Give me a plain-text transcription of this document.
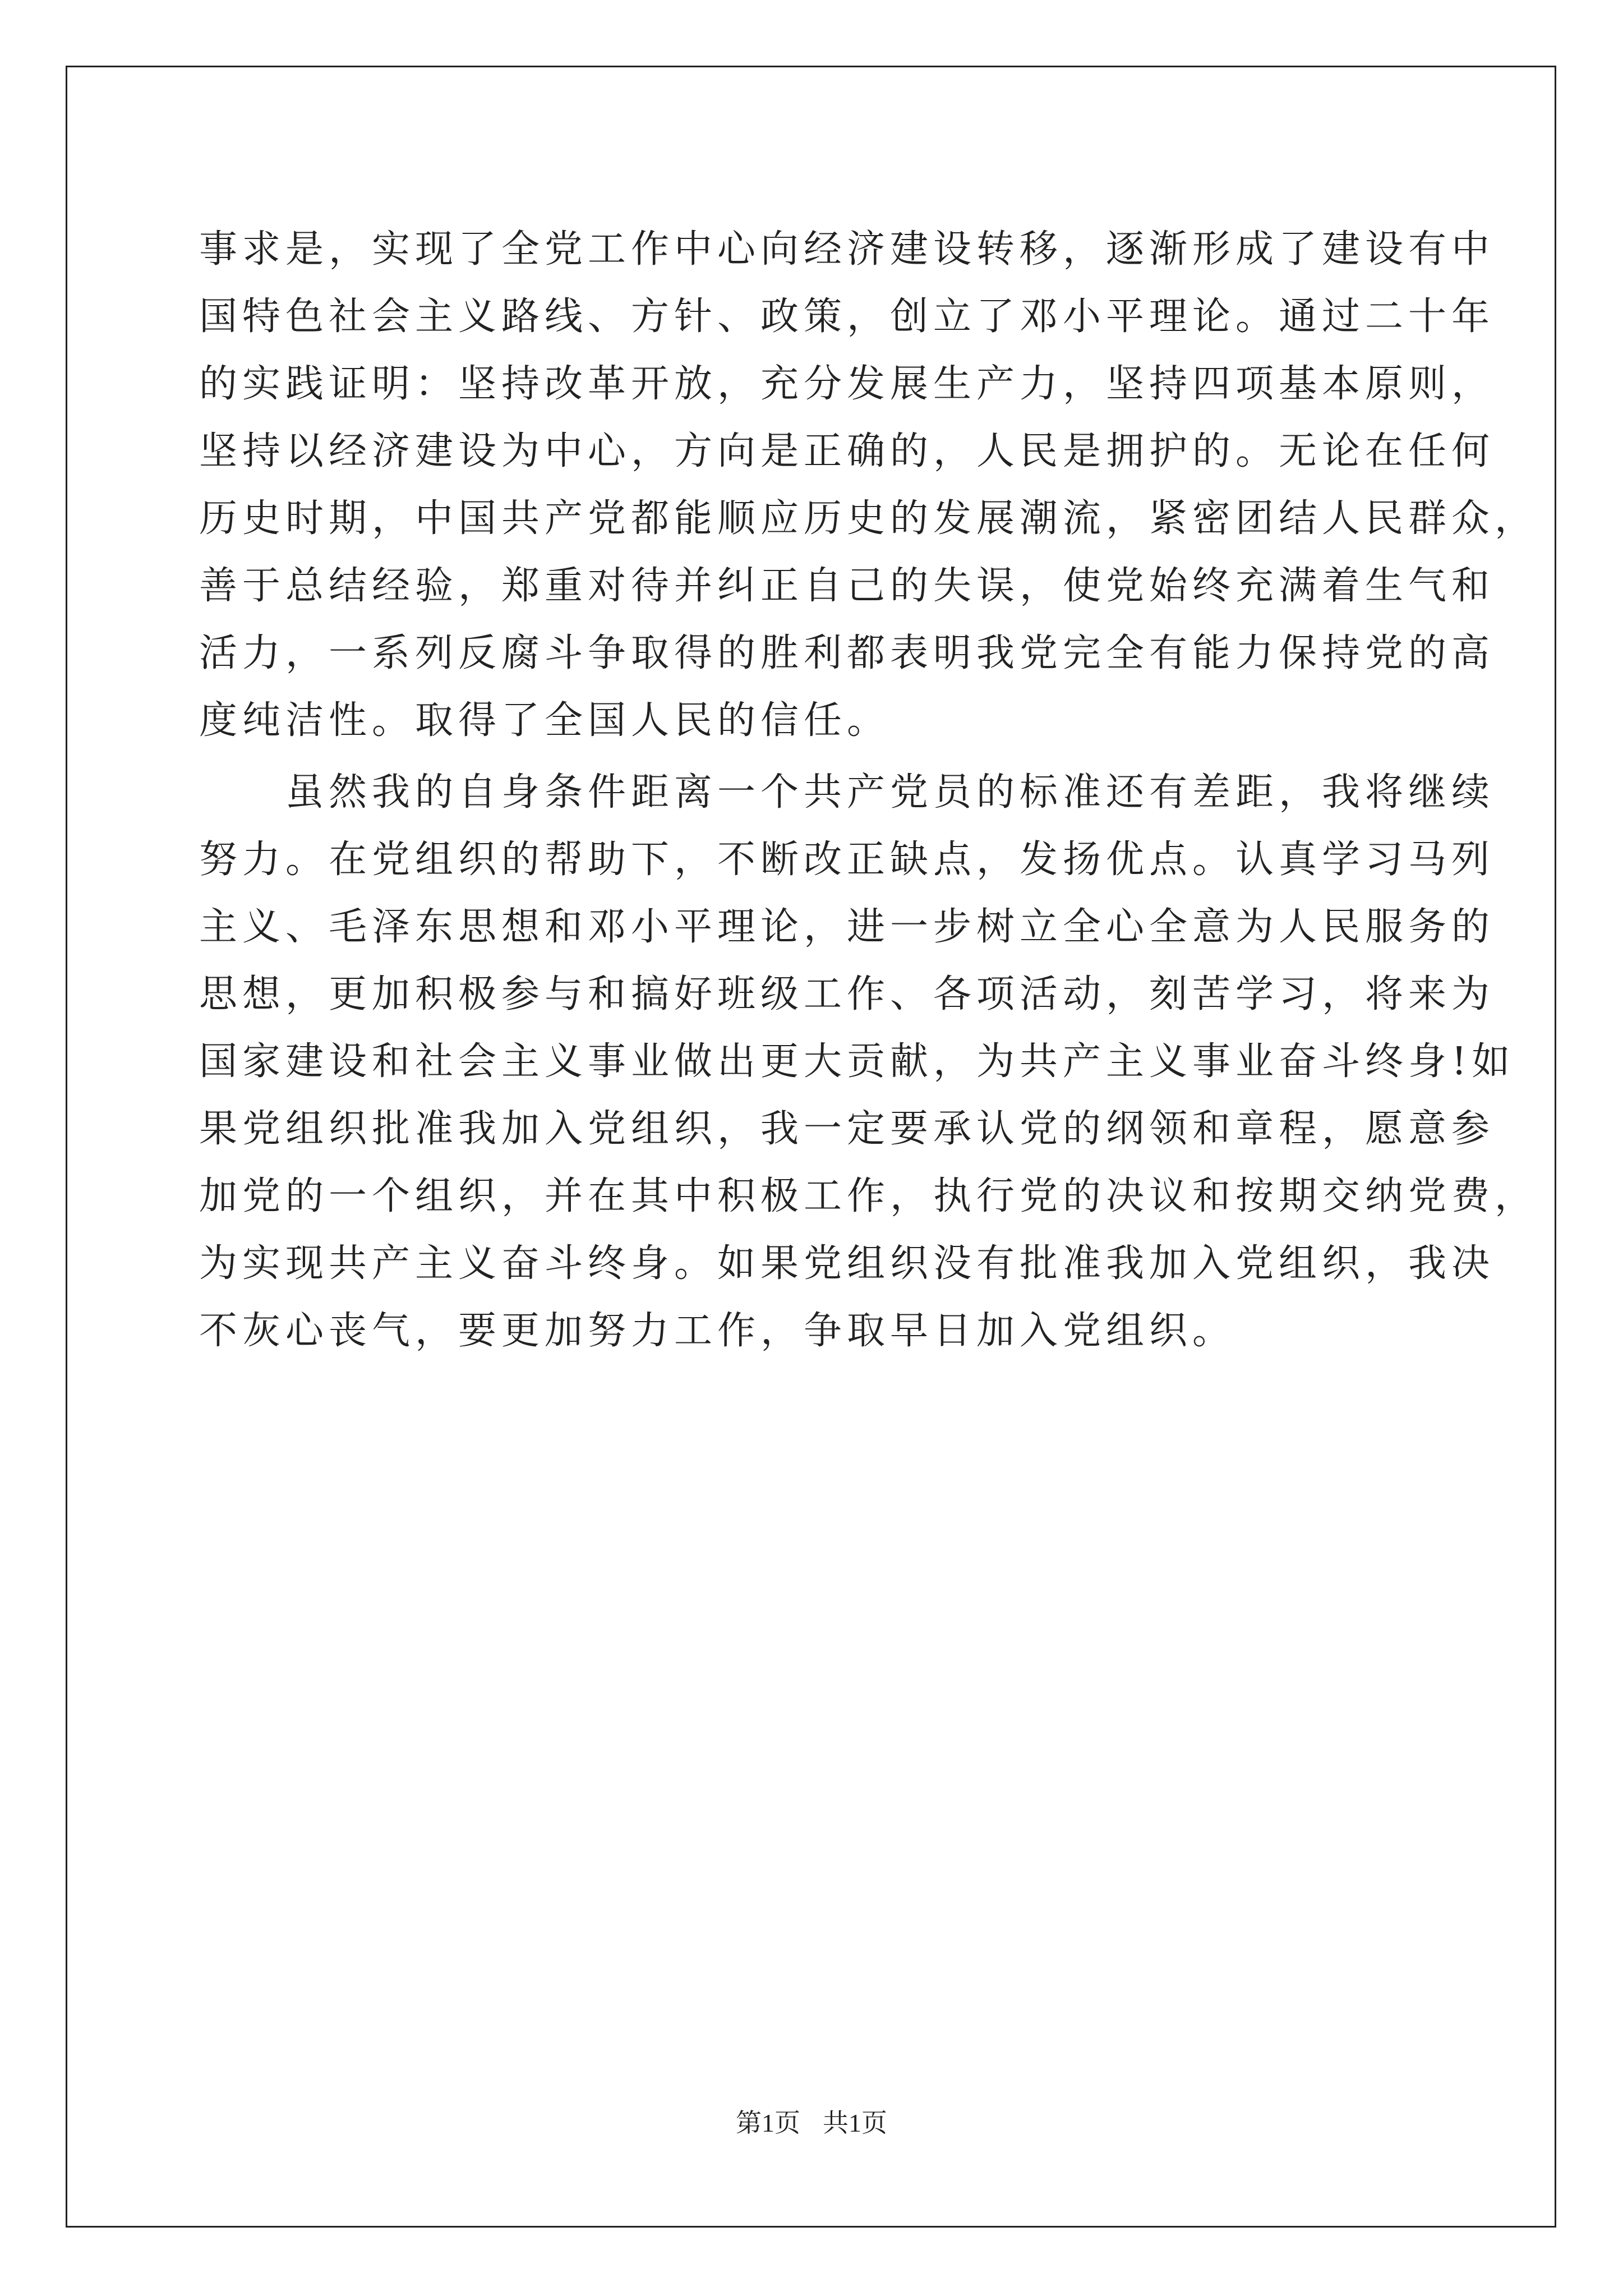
事求是，实现了全党工作中心向经济建设转移，逐渐形成了建设有中
国特色社会主义路线、方针、政策，创立了邓小平理论。通过二十年
的实践证明：坚持改革开放，充分发展生产力，坚持四项基本原则，
坚持以经济建设为中心，方向是正确的，人民是拥护的。无论在任何
历史时期，中国共产党都能顺应历史的发展潮流，紧密团结人民群众，
善于总结经验，郑重对待并纠正自己的失误，使党始终充满着生气和
活力，一系列反腐斗争取得的胜利都表明我党完全有能力保持党的高
度纯洁性。取得了全国人民的信任。
　　虽然我的自身条件距离一个共产党员的标准还有差距，我将继续
努力。在党组织的帮助下，不断改正缺点，发扬优点。认真学习马列
主义、毛泽东思想和邓小平理论，进一步树立全心全意为人民服务的
思想，更加积极参与和搞好班级工作、各项活动，刻苦学习，将来为
国家建设和社会主义事业做出更大贡献，为共产主义事业奋斗终身!如
果党组织批准我加入党组织，我一定要承认党的纲领和章程，愿意参
加党的一个组织，并在其中积极工作，执行党的决议和按期交纳党费，
为实现共产主义奋斗终身。如果党组织没有批准我加入党组织，我决
不灰心丧气，要更加努力工作，争取早日加入党组织。
第1页 共1页
